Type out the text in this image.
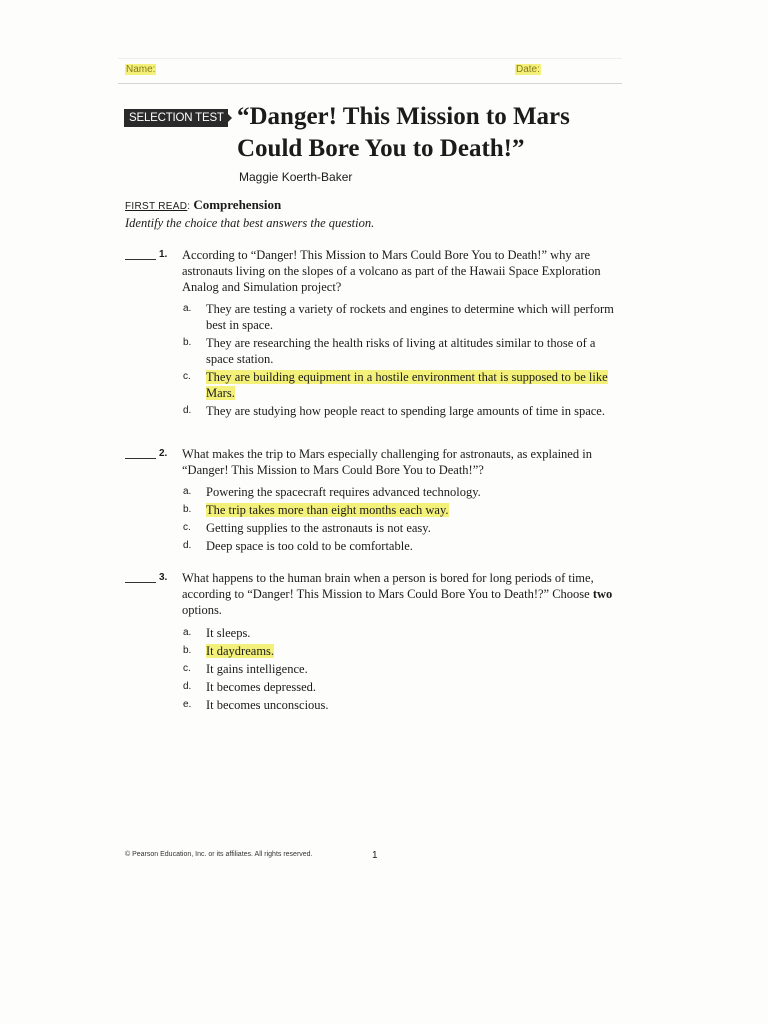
Name:	Date:
SELECTION TEST “Danger! This Mission to Mars
Could Bore You to Death!”
Maggie Koerth-Baker
FIRST READ: Comprehension
Identify the choice that best answers the question.
1. According to “Danger! This Mission to Mars Could Bore You to Death!” why are astronauts living on the slopes of a volcano as part of the Hawaii Space Exploration Analog and Simulation project?
a. They are testing a variety of rockets and engines to determine which will perform best in space.
b. They are researching the health risks of living at altitudes similar to those of a space station.
c. They are building equipment in a hostile environment that is supposed to be like Mars.
d. They are studying how people react to spending large amounts of time in space.
2. What makes the trip to Mars especially challenging for astronauts, as explained in “Danger! This Mission to Mars Could Bore You to Death!”?
a. Powering the spacecraft requires advanced technology.
b. The trip takes more than eight months each way.
c. Getting supplies to the astronauts is not easy.
d. Deep space is too cold to be comfortable.
3. What happens to the human brain when a person is bored for long periods of time, according to “Danger! This Mission to Mars Could Bore You to Death!?” Choose two options.
a. It sleeps.
b. It daydreams.
c. It gains intelligence.
d. It becomes depressed.
e. It becomes unconscious.
© Pearson Education, Inc. or its affiliates. All rights reserved.	1
